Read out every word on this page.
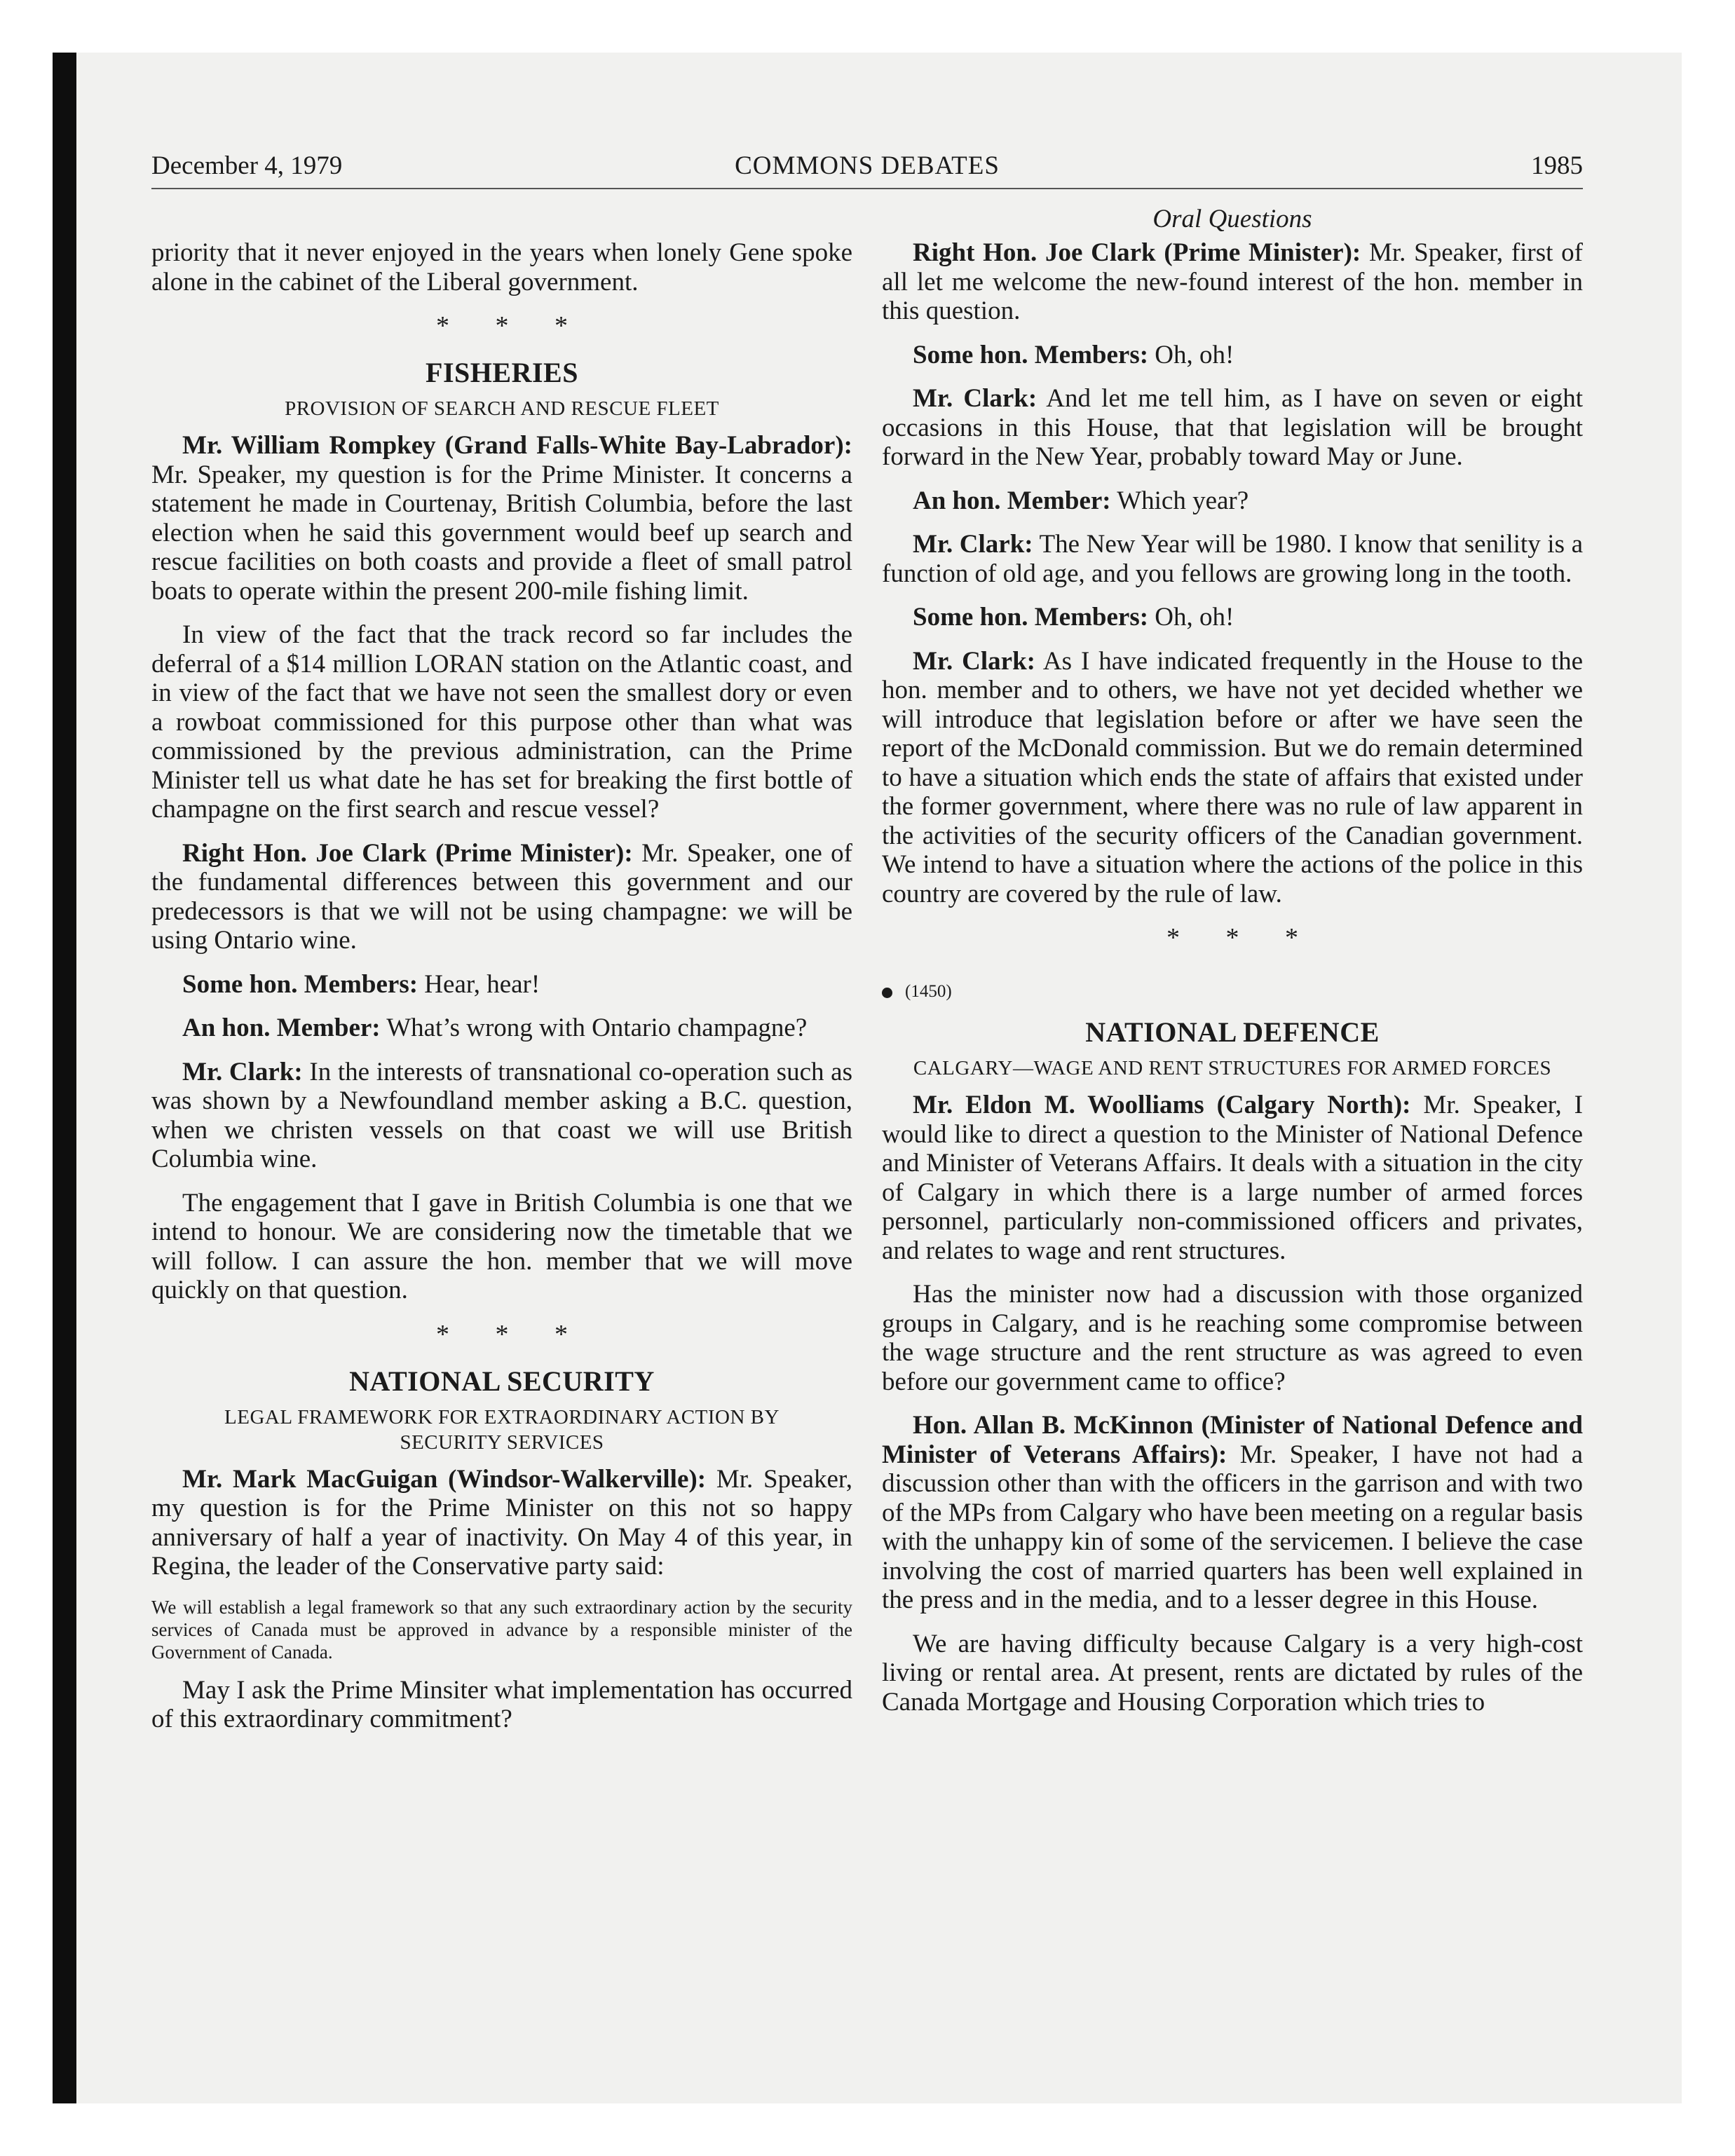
December 4, 1979	COMMONS DEBATES	1985

priority that it never enjoyed in the years when lonely Gene spoke alone in the cabinet of the Liberal government.

* * *
FISHERIES
PROVISION OF SEARCH AND RESCUE FLEET

Mr. William Rompkey (Grand Falls-White Bay-Labrador): Mr. Speaker, my question is for the Prime Minister. It concerns a statement he made in Courtenay, British Columbia, before the last election when he said this government would beef up search and rescue facilities on both coasts and provide a fleet of small patrol boats to operate within the present 200-mile fishing limit.

In view of the fact that the track record so far includes the deferral of a $14 million LORAN station on the Atlantic coast, and in view of the fact that we have not seen the smallest dory or even a rowboat commissioned for this purpose other than what was commissioned by the previous administration, can the Prime Minister tell us what date he has set for breaking the first bottle of champagne on the first search and rescue vessel?

Right Hon. Joe Clark (Prime Minister): Mr. Speaker, one of the fundamental differences between this government and our predecessors is that we will not be using champagne: we will be using Ontario wine.

Some hon. Members: Hear, hear!

An hon. Member: What’s wrong with Ontario champagne?

Mr. Clark: In the interests of transnational co-operation such as was shown by a Newfoundland member asking a B.C. question, when we christen vessels on that coast we will use British Columbia wine.

The engagement that I gave in British Columbia is one that we intend to honour. We are considering now the timetable that we will follow. I can assure the hon. member that we will move quickly on that question.

* * *
NATIONAL SECURITY
LEGAL FRAMEWORK FOR EXTRAORDINARY ACTION BY
SECURITY SERVICES

Mr. Mark MacGuigan (Windsor-Walkerville): Mr. Speaker, my question is for the Prime Minister on this not so happy anniversary of half a year of inactivity. On May 4 of this year, in Regina, the leader of the Conservative party said:

We will establish a legal framework so that any such extraordinary action by the security services of Canada must be approved in advance by a responsible minister of the Government of Canada.

May I ask the Prime Minsiter what implementation has occurred of this extraordinary commitment?

Oral Questions

Right Hon. Joe Clark (Prime Minister): Mr. Speaker, first of all let me welcome the new-found interest of the hon. member in this question.

Some hon. Members: Oh, oh!

Mr. Clark: And let me tell him, as I have on seven or eight occasions in this House, that that legislation will be brought forward in the New Year, probably toward May or June.

An hon. Member: Which year?

Mr. Clark: The New Year will be 1980. I know that senility is a function of old age, and you fellows are growing long in the tooth.

Some hon. Members: Oh, oh!

Mr. Clark: As I have indicated frequently in the House to the hon. member and to others, we have not yet decided whether we will introduce that legislation before or after we have seen the report of the McDonald commission. But we do remain determined to have a situation which ends the state of affairs that existed under the former government, where there was no rule of law apparent in the activities of the security officers of the Canadian government. We intend to have a situation where the actions of the police in this country are covered by the rule of law.

* * *
(1450)
NATIONAL DEFENCE
CALGARY—WAGE AND RENT STRUCTURES FOR ARMED FORCES

Mr. Eldon M. Woolliams (Calgary North): Mr. Speaker, I would like to direct a question to the Minister of National Defence and Minister of Veterans Affairs. It deals with a situation in the city of Calgary in which there is a large number of armed forces personnel, particularly non-commissioned officers and privates, and relates to wage and rent structures.

Has the minister now had a discussion with those organized groups in Calgary, and is he reaching some compromise between the wage structure and the rent structure as was agreed to even before our government came to office?

Hon. Allan B. McKinnon (Minister of National Defence and Minister of Veterans Affairs): Mr. Speaker, I have not had a discussion other than with the officers in the garrison and with two of the MPs from Calgary who have been meeting on a regular basis with the unhappy kin of some of the servicemen. I believe the case involving the cost of married quarters has been well explained in the press and in the media, and to a lesser degree in this House.

We are having difficulty because Calgary is a very high-cost living or rental area. At present, rents are dictated by rules of the Canada Mortgage and Housing Corporation which tries to
